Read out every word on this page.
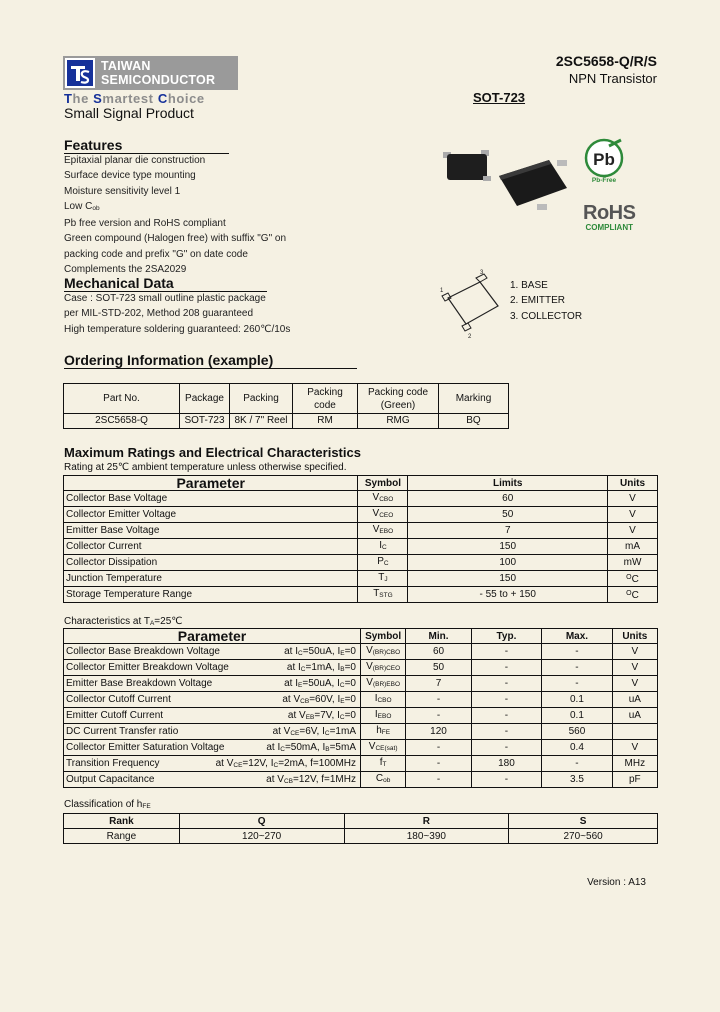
TAIWAN
SEMICONDUCTOR
The Smartest Choice
Small Signal Product
2SC5658-Q/R/S
NPN Transistor
SOT-723
Features
Epitaxial planar die construction
Surface device type mounting
Moisture sensitivity level 1
Low Cob
Pb free version and RoHS compliant
Green compound (Halogen free) with suffix "G" on
packing code and prefix "G" on date code
Complements the 2SA2029
Pb
Pb-Free
RoHS
COMPLIANT
3
1
2
1. BASE
2. EMITTER
3. COLLECTOR
Mechanical Data
Case : SOT-723 small outline plastic package
per MIL-STD-202, Method 208 guaranteed
High temperature soldering guaranteed: 260℃/10s
Ordering Information (example)
Part No.	Package	Packing	Packing code	Packing code (Green)	Marking
2SC5658-Q	SOT-723	8K / 7" Reel	RM	RMG	BQ
Maximum Ratings and Electrical Characteristics
Rating at 25℃ ambient temperature unless otherwise specified.
Parameter	Symbol	Limits	Units
Collector Base Voltage	VCBO	60	V
Collector Emitter Voltage	VCEO	50	V
Emitter Base Voltage	VEBO	7	V
Collector Current	IC	150	mA
Collector Dissipation	PC	100	mW
Junction Temperature	TJ	150	$^O$C
Storage Temperature Range	TSTG	- 55 to + 150	$^O$C
Characteristics at TA=25℃
Parameter	Symbol	Min.	Typ.	Max.	Units
Collector Base Breakdown Voltage at IC=50uA, IE=0	V(BR)CBO	60	-	-	V
Collector Emitter Breakdown Voltage at IC=1mA, IB=0	V(BR)CEO	50	-	-	V
Emitter Base Breakdown Voltage at IE=50uA, IC=0	V(BR)EBO	7	-	-	V
Collector Cutoff Current at VCB=60V, IE=0	ICBO	-	-	0.1	uA
Emitter Cutoff Current at VEB=7V, IC=0	IEBO	-	-	0.1	uA
DC Current Transfer ratio at VCE=6V, IC=1mA	hFE	120	-	560	
Collector Emitter Saturation Voltage at IC=50mA, IB=5mA	VCE(sat)	-	-	0.4	V
Transition Frequency at VCE=12V, IC=2mA, f=100MHz	fT	-	180	-	MHz
Output Capacitance at VCB=12V, f=1MHz	Cob	-	-	3.5	pF
Classification of hFE
Rank	Q	R	S
Range	120~270	180~390	270~560
Version : A13
